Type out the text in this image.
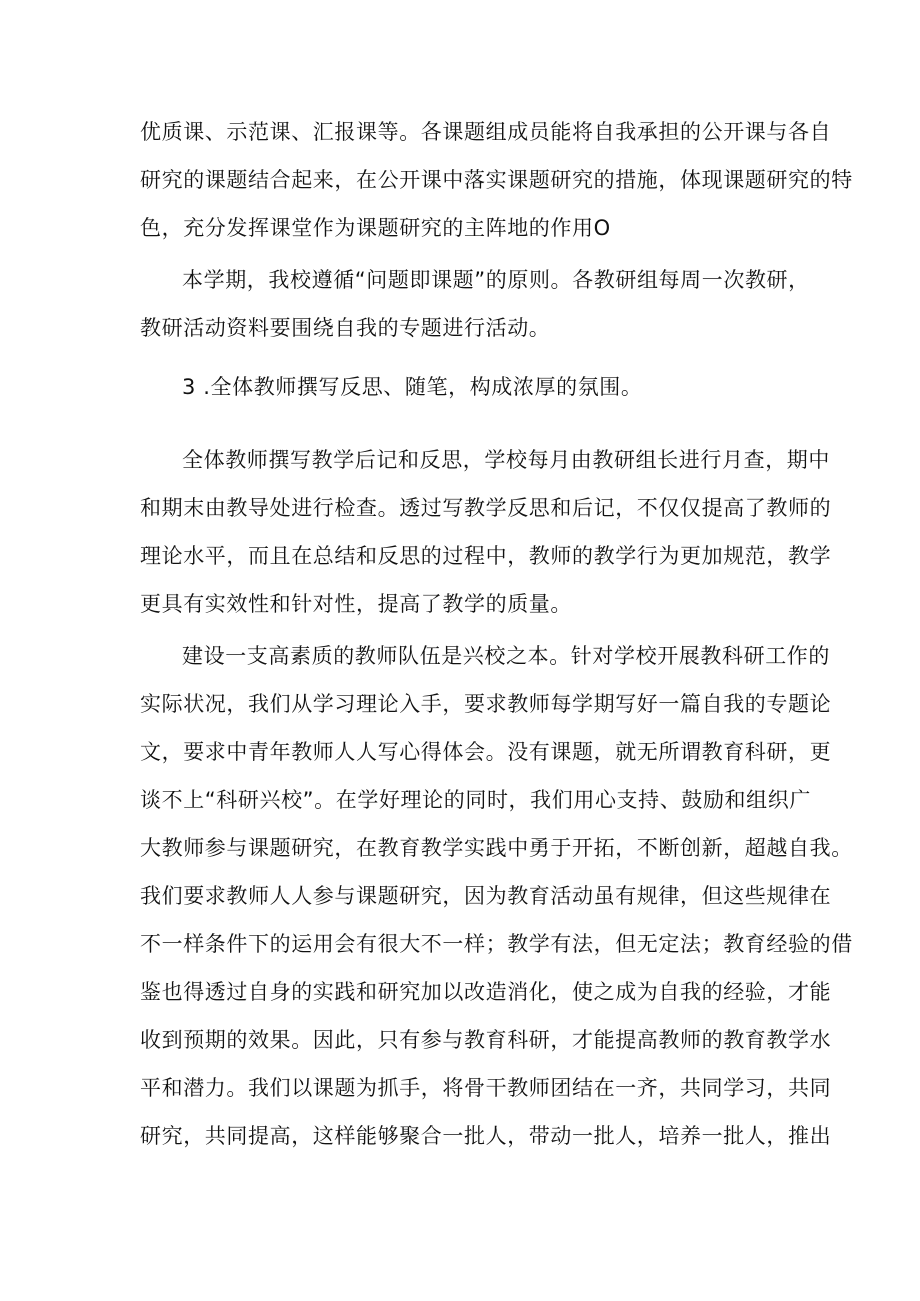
优质课、示范课、汇报课等。各课题组成员能将自我承担的公开课与各自
研究的课题结合起来，在公开课中落实课题研究的措施，体现课题研究的特
色，充分发挥课堂作为课题研究的主阵地的作用O
本学期，我校遵循“问题即课题”的原则。各教研组每周一次教研，
教研活动资料要围绕自我的专题进行活动。
3 .全体教师撰写反思、随笔，构成浓厚的氛围。
全体教师撰写教学后记和反思，学校每月由教研组长进行月查，期中
和期末由教导处进行检查。透过写教学反思和后记，不仅仅提高了教师的
理论水平，而且在总结和反思的过程中，教师的教学行为更加规范，教学
更具有实效性和针对性，提高了教学的质量。
建设一支高素质的教师队伍是兴校之本。针对学校开展教科研工作的
实际状况，我们从学习理论入手，要求教师每学期写好一篇自我的专题论
文，要求中青年教师人人写心得体会。没有课题，就无所谓教育科研，更
谈不上“科研兴校”。在学好理论的同时，我们用心支持、鼓励和组织广
大教师参与课题研究，在教育教学实践中勇于开拓，不断创新，超越自我。
我们要求教师人人参与课题研究，因为教育活动虽有规律，但这些规律在
不一样条件下的运用会有很大不一样；教学有法，但无定法；教育经验的借
鉴也得透过自身的实践和研究加以改造消化，使之成为自我的经验，才能
收到预期的效果。因此，只有参与教育科研，才能提高教师的教育教学水
平和潜力。我们以课题为抓手，将骨干教师团结在一齐，共同学习，共同
研究，共同提高，这样能够聚合一批人，带动一批人，培养一批人，推出
